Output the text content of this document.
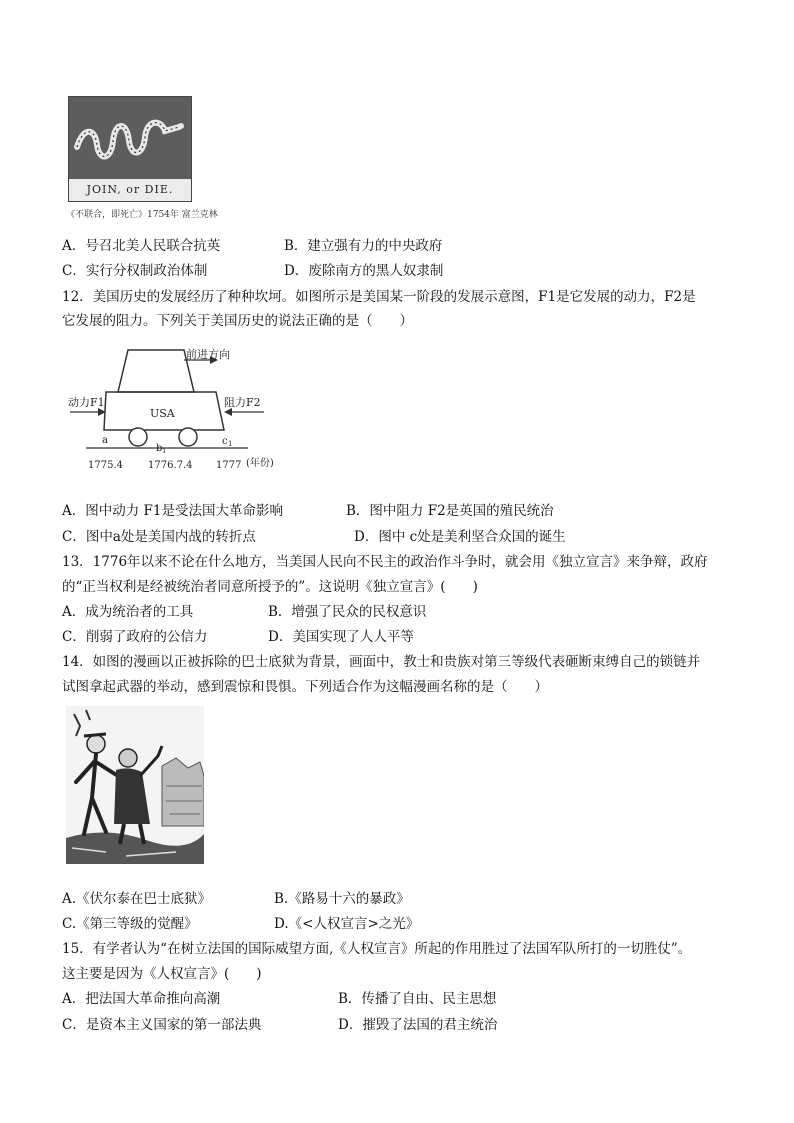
JOIN, or DIE.
《不联合，即死亡》1754年 富兰克林
A．号召北美人民联合抗英	B．建立强有力的中央政府
C．实行分权制政治体制	D．废除南方的黑人奴隶制
12．美国历史的发展经历了种种坎坷。如图所示是美国某一阶段的发展示意图，F1是它发展的动力，F2是
它发展的阻力。下列关于美国历史的说法正确的是（　　）
前进方向
动力F1	阻力F2
USA
a
b 1
c 1
1775.4	1776.7.4 1777 (年份)
A．图中动力 F1是受法国大革命影响	B．图中阻力 F2是英国的殖民统治
C．图中a处是美国内战的转折点	D．图中 c处是美利坚合众国的诞生
13．1776年以来不论在什么地方，当美国人民向不民主的政治作斗争时，就会用《独立宣言》来争辩，政府
的“正当权利是经被统治者同意所授予的”。这说明《独立宣言》(　　)
A．成为统治者的工具	B．增强了民众的民权意识
C．削弱了政府的公信力	D．美国实现了人人平等
14．如图的漫画以正被拆除的巴士底狱为背景，画面中，教士和贵族对第三等级代表砸断束缚自己的锁链并
试图拿起武器的举动，感到震惊和畏惧。下列适合作为这幅漫画名称的是（　　）
A.《伏尔泰在巴士底狱》	B.《路易十六的暴政》
C.《第三等级的觉醒》	D.《<人权宣言>之光》
15．有学者认为“在树立法国的国际威望方面,《人权宣言》所起的作用胜过了法国军队所打的一切胜仗”。
这主要是因为《人权宣言》(　　)
A．把法国大革命推向高潮	B．传播了自由、民主思想
C．是资本主义国家的第一部法典	D．摧毁了法国的君主统治
